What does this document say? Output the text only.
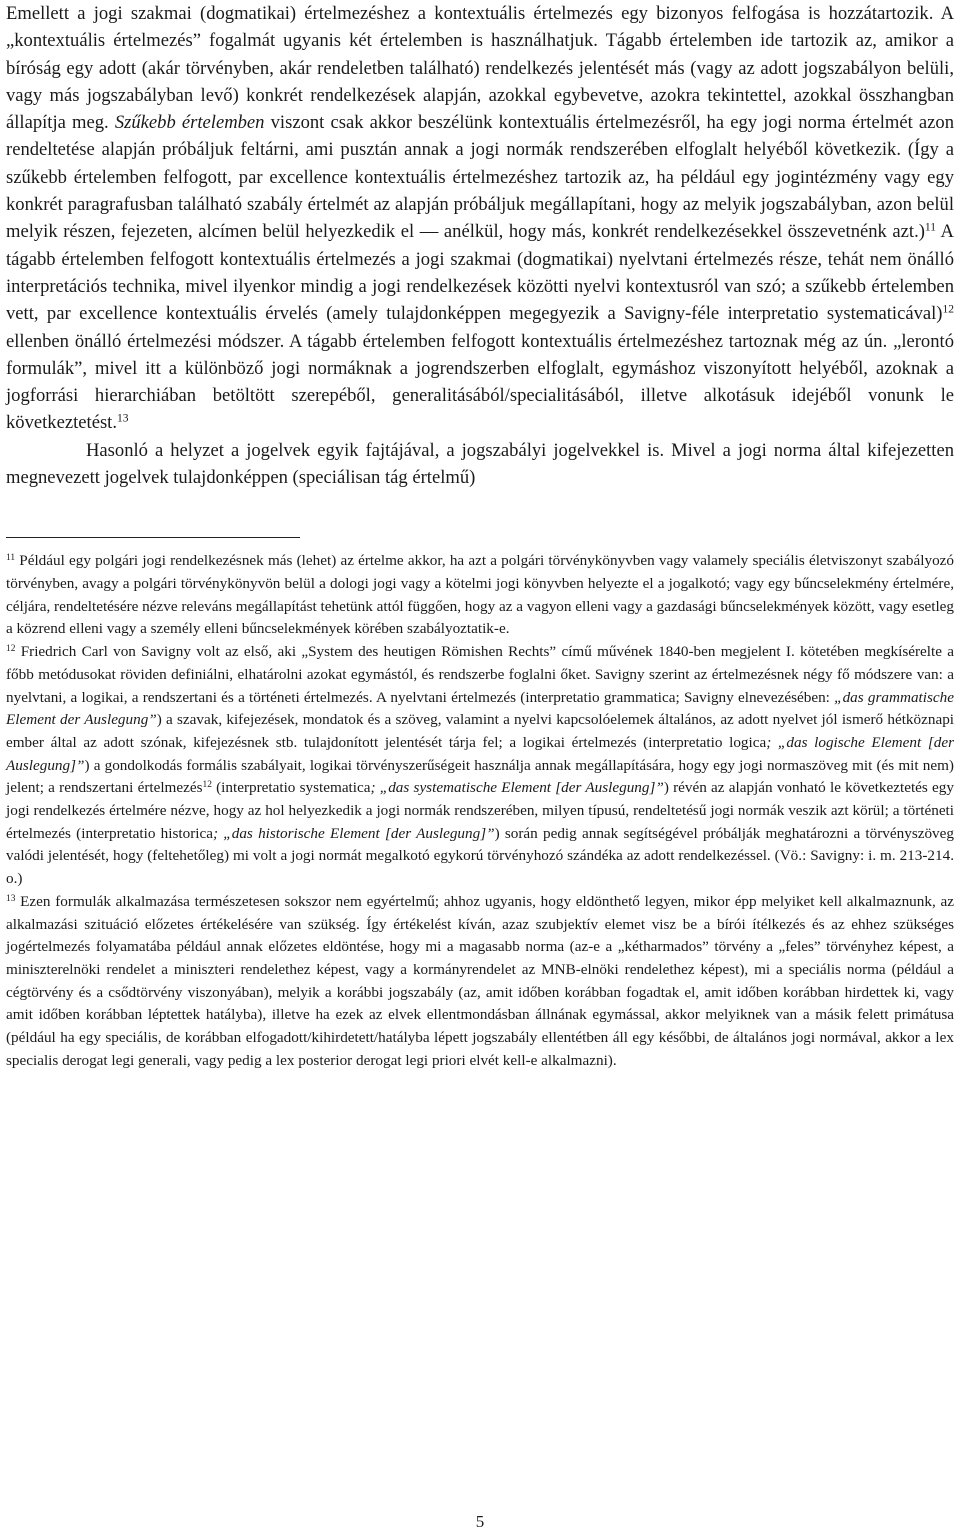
Emellett a jogi szakmai (dogmatikai) értelmezéshez a kontextuális értelmezés egy bizonyos felfogása is hozzátartozik. A „kontextuális értelmezés” fogalmát ugyanis két értelemben is használhatjuk. Tágabb értelemben ide tartozik az, amikor a bíróság egy adott (akár törvényben, akár rendeletben található) rendelkezés jelentését más (vagy az adott jogszabályon belüli, vagy más jogszabályban levő) konkrét rendelkezések alapján, azokkal egybevetve, azokra tekintettel, azokkal összhangban állapítja meg. Szűkebb értelemben viszont csak akkor beszélünk kontextuális értelmezésről, ha egy jogi norma értelmét azon rendeltetése alapján próbáljuk feltárni, ami pusztán annak a jogi normák rendszerében elfoglalt helyéből következik. (Így a szűkebb értelemben felfogott, par excellence kontextuális értelmezéshez tartozik az, ha például egy jogintézmény vagy egy konkrét paragrafusban található szabály értelmét az alapján próbáljuk megállapítani, hogy az melyik jogszabályban, azon belül melyik részen, fejezeten, alcímen belül helyezkedik el — anélkül, hogy más, konkrét rendelkezésekkel összevetnénk azt.)$^{11}$ A tágabb értelemben felfogott kontextuális értelmezés a jogi szakmai (dogmatikai) nyelvtani értelmezés része, tehát nem önálló interpretációs technika, mivel ilyenkor mindig a jogi rendelkezések közötti nyelvi kontextusról van szó; a szűkebb értelemben vett, par excellence kontextuális érvelés (amely tulajdonképpen megegyezik a Savigny-féle interpretatio systematicával)$^{12}$ ellenben önálló értelmezési módszer. A tágabb értelemben felfogott kontextuális értelmezéshez tartoznak még az ún. „lerontó formulák”, mivel itt a különböző jogi normáknak a jogrendszerben elfoglalt, egymáshoz viszonyított helyéből, azoknak a jogforrási hierarchiában betöltött szerepéből, generalitásából/specialitásából, illetve alkotásuk idejéből vonunk le következtetést.$^{13}$

Hasonló a helyzet a jogelvek egyik fajtájával, a jogszabályi jogelvekkel is. Mivel a jogi norma által kifejezetten megnevezett jogelvek tulajdonképpen (speciálisan tág értelmű)

$^{11}$ Például egy polgári jogi rendelkezésnek más (lehet) az értelme akkor, ha azt a polgári törvénykönyvben vagy valamely speciális életviszonyt szabályozó törvényben, avagy a polgári törvénykönyvön belül a dologi jogi vagy a kötelmi jogi könyvben helyezte el a jogalkotó; vagy egy bűncselekmény értelmére, céljára, rendeltetésére nézve releváns megállapítást tehetünk attól függően, hogy az a vagyon elleni vagy a gazdasági bűncselekmények között, vagy esetleg a közrend elleni vagy a személy elleni bűncselekmények körében szabályoztatik-e.

$^{12}$ Friedrich Carl von Savigny volt az első, aki „System des heutigen Römishen Rechts” című művének 1840-ben megjelent I. kötetében megkísérelte a főbb metódusokat röviden definiálni, elhatárolni azokat egymástól, és rendszerbe foglalni őket. Savigny szerint az értelmezésnek négy fő módszere van: a nyelvtani, a logikai, a rendszertani és a történeti értelmezés. A nyelvtani értelmezés (interpretatio grammatica; Savigny elnevezésében: „das grammatische Element der Auslegung”) a szavak, kifejezések, mondatok és a szöveg, valamint a nyelvi kapcsolóelemek általános, az adott nyelvet jól ismerő hétköznapi ember által az adott szónak, kifejezésnek stb. tulajdonított jelentését tárja fel; a logikai értelmezés (interpretatio logica; „das logische Element [der Auslegung]”) a gondolkodás formális szabályait, logikai törvényszerűségeit használja annak megállapítására, hogy egy jogi normaszöveg mit (és mit nem) jelent; a rendszertani értelmezés$^{12}$ (interpretatio systematica; „das systematische Element [der Auslegung]”) révén az alapján vonható le következtetés egy jogi rendelkezés értelmére nézve, hogy az hol helyezkedik a jogi normák rendszerében, milyen típusú, rendeltetésű jogi normák veszik azt körül; a történeti értelmezés (interpretatio historica; „das historische Element [der Auslegung]”) során pedig annak segítségével próbálják meghatározni a törvényszöveg valódi jelentését, hogy (feltehetőleg) mi volt a jogi normát megalkotó egykorú törvényhozó szándéka az adott rendelkezéssel. (Vö.: Savigny: i. m. 213-214. o.)

$^{13}$ Ezen formulák alkalmazása természetesen sokszor nem egyértelmű; ahhoz ugyanis, hogy eldönthető legyen, mikor épp melyiket kell alkalmaznunk, az alkalmazási szituáció előzetes értékelésére van szükség. Így értékelést kíván, azaz szubjektív elemet visz be a bírói ítélkezés és az ehhez szükséges jogértelmezés folyamatába például annak előzetes eldöntése, hogy mi a magasabb norma (az-e a „kétharmados” törvény a „feles” törvényhez képest, a miniszterelnöki rendelet a miniszteri rendelethez képest, vagy a kormányrendelet az MNB-elnöki rendelethez képest), mi a speciális norma (például a cégtörvény és a csődtörvény viszonyában), melyik a korábbi jogszabály (az, amit időben korábban fogadtak el, amit időben korábban hirdettek ki, vagy amit időben korábban léptettek hatályba), illetve ha ezek az elvek ellentmondásban állnának egymással, akkor melyiknek van a másik felett primátusa (például ha egy speciális, de korábban elfogadott/kihirdetett/hatályba lépett jogszabály ellentétben áll egy későbbi, de általános jogi normával, akkor a lex specialis derogat legi generali, vagy pedig a lex posterior derogat legi priori elvét kell-e alkalmazni).

5
